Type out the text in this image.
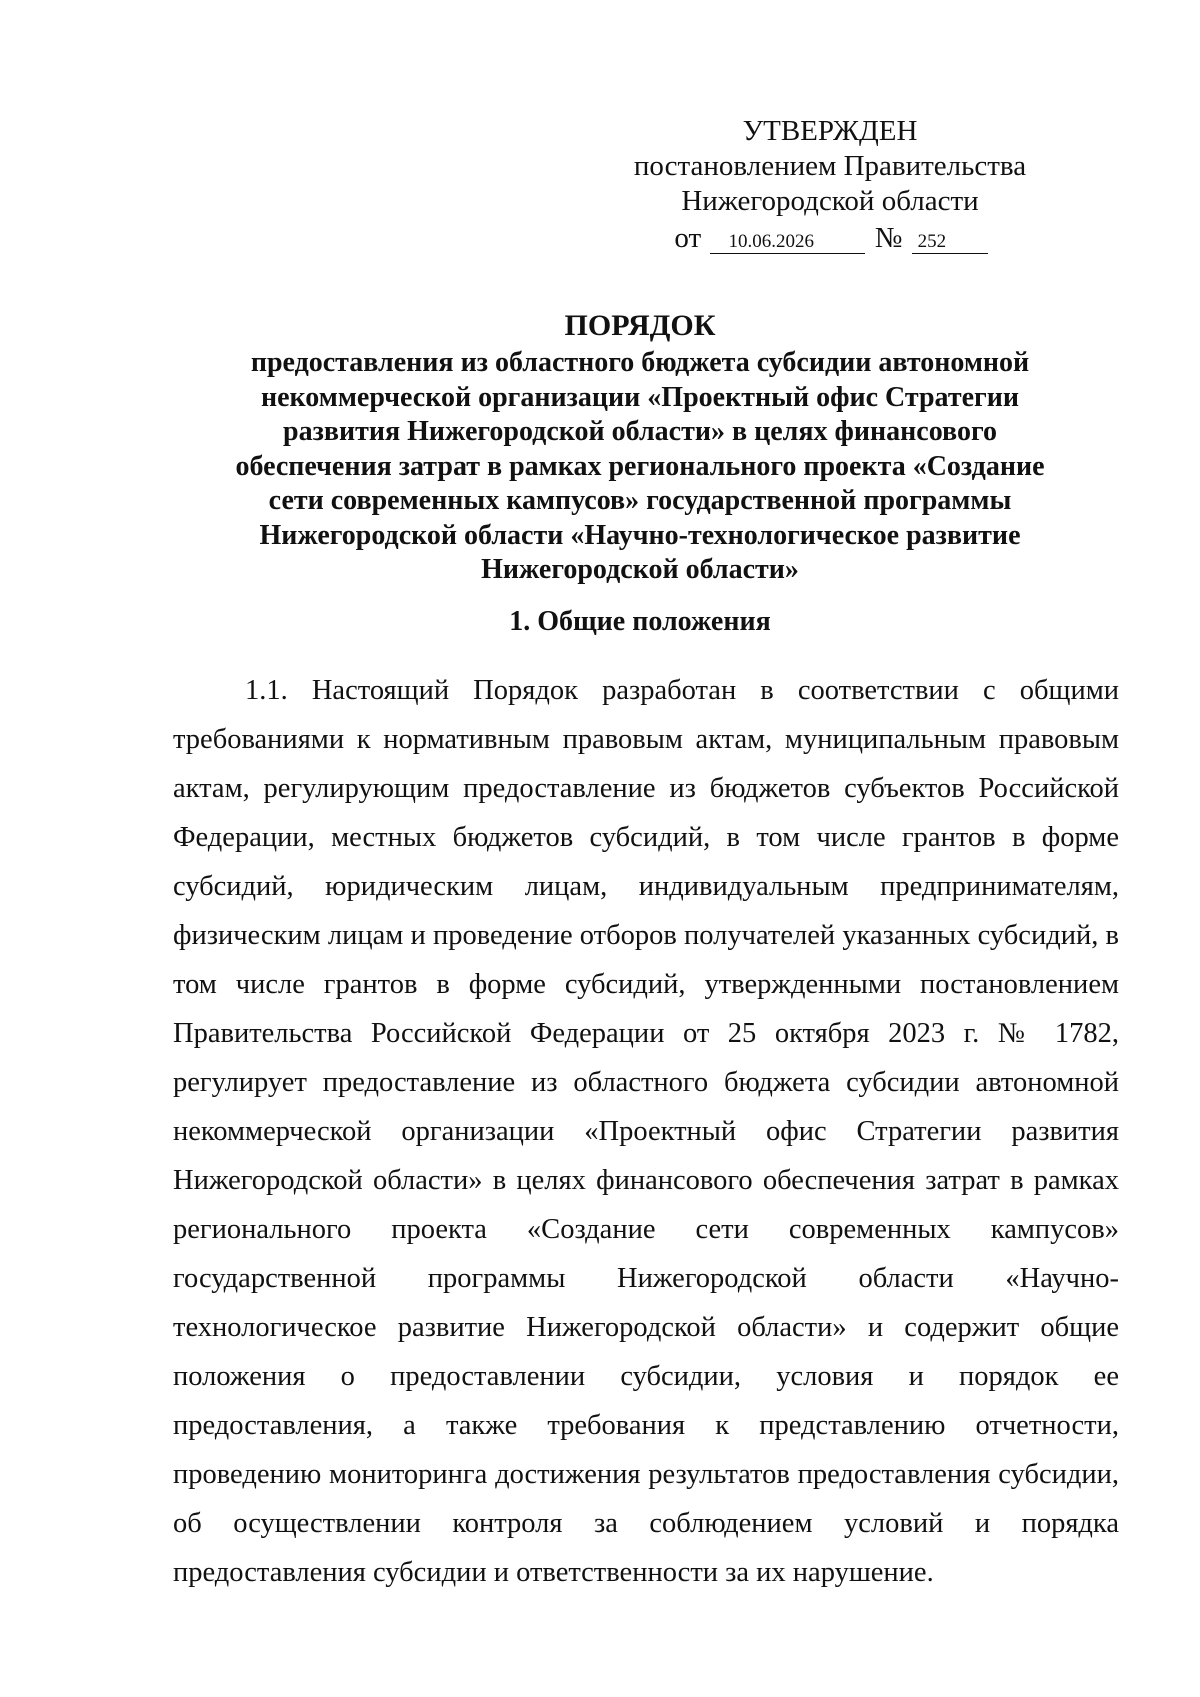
УТВЕРЖДЕН
постановлением Правительства
Нижегородской области
от 10.06.2026 № 252

ПОРЯДОК

предоставления из областного бюджета субсидии автономной некоммерческой организации «Проектный офис Стратегии развития Нижегородской области» в целях финансового обеспечения затрат в рамках регионального проекта «Создание сети современных кампусов» государственной программы Нижегородской области «Научно-технологическое развитие Нижегородской области»

1. Общие положения

1.1. Настоящий Порядок разработан в соответствии с общими требованиями к нормативным правовым актам, муниципальным правовым актам, регулирующим предоставление из бюджетов субъектов Российской Федерации, местных бюджетов субсидий, в том числе грантов в форме субсидий, юридическим лицам, индивидуальным предпринимателям, физическим лицам и проведение отборов получателей указанных субсидий, в том числе грантов в форме субсидий, утвержденными постановлением Правительства Российской Федерации от 25 октября 2023 г. № 1782, регулирует предоставление из областного бюджета субсидии автономной некоммерческой организации «Проектный офис Стратегии развития Нижегородской области» в целях финансового обеспечения затрат в рамках регионального проекта «Создание сети современных кампусов» государственной программы Нижегородской области «Научно-технологическое развитие Нижегородской области» и содержит общие положения о предоставлении субсидии, условия и порядок ее предоставления, а также требования к представлению отчетности, проведению мониторинга достижения результатов предоставления субсидии, об осуществлении контроля за соблюдением условий и порядка предоставления субсидии и ответственности за их нарушение.
